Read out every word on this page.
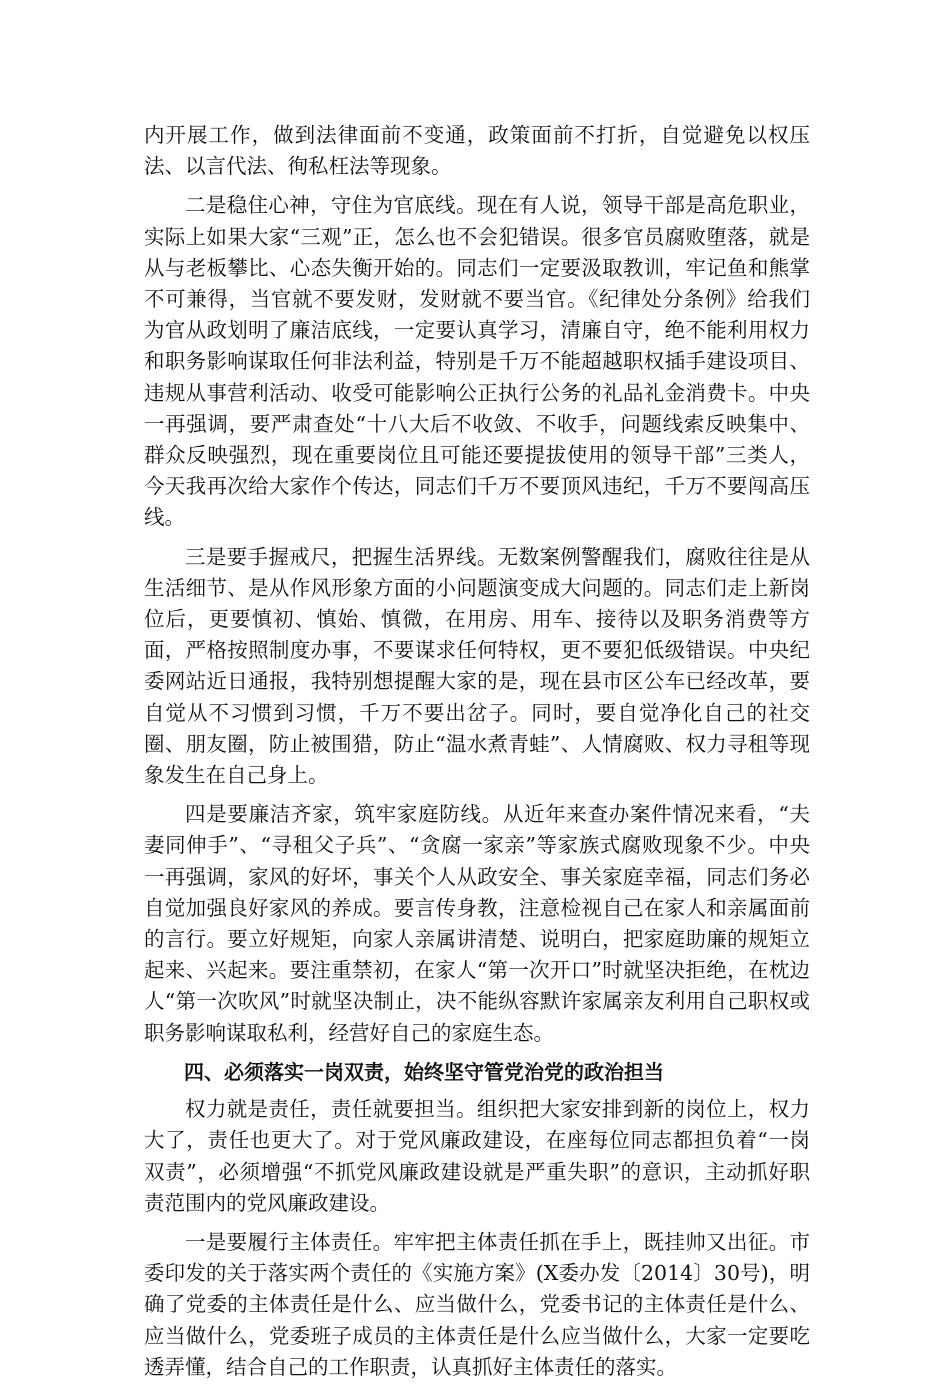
内开展工作，做到法律面前不变通，政策面前不打折，自觉避免以权压法、以言代法、徇私枉法等现象。

二是稳住心神，守住为官底线。现在有人说，领导干部是高危职业，实际上如果大家“三观”正，怎么也不会犯错误。很多官员腐败堕落，就是从与老板攀比、心态失衡开始的。同志们一定要汲取教训，牢记鱼和熊掌不可兼得，当官就不要发财，发财就不要当官。《纪律处分条例》给我们为官从政划明了廉洁底线，一定要认真学习，清廉自守，绝不能利用权力和职务影响谋取任何非法利益，特别是千万不能超越职权插手建设项目、违规从事营利活动、收受可能影响公正执行公务的礼品礼金消费卡。中央一再强调，要严肃查处“十八大后不收敛、不收手，问题线索反映集中、群众反映强烈，现在重要岗位且可能还要提拔使用的领导干部”三类人，今天我再次给大家作个传达，同志们千万不要顶风违纪，千万不要闯高压线。

三是要手握戒尺，把握生活界线。无数案例警醒我们，腐败往往是从生活细节、是从作风形象方面的小问题演变成大问题的。同志们走上新岗位后，更要慎初、慎始、慎微，在用房、用车、接待以及职务消费等方面，严格按照制度办事，不要谋求任何特权，更不要犯低级错误。中央纪委网站近日通报，我特别想提醒大家的是，现在县市区公车已经改革，要自觉从不习惯到习惯，千万不要出岔子。同时，要自觉净化自己的社交圈、朋友圈，防止被围猎，防止“温水煮青蛙”、人情腐败、权力寻租等现象发生在自己身上。

四是要廉洁齐家，筑牢家庭防线。从近年来查办案件情况来看，“夫妻同伸手”、“寻租父子兵”、“贪腐一家亲”等家族式腐败现象不少。中央一再强调，家风的好坏，事关个人从政安全、事关家庭幸福，同志们务必自觉加强良好家风的养成。要言传身教，注意检视自己在家人和亲属面前的言行。要立好规矩，向家人亲属讲清楚、说明白，把家庭助廉的规矩立起来、兴起来。要注重禁初，在家人“第一次开口”时就坚决拒绝，在枕边人“第一次吹风”时就坚决制止，决不能纵容默许家属亲友利用自己职权或职务影响谋取私利，经营好自己的家庭生态。

四、必须落实一岗双责，始终坚守管党治党的政治担当

权力就是责任，责任就要担当。组织把大家安排到新的岗位上，权力大了，责任也更大了。对于党风廉政建设，在座每位同志都担负着“一岗双责”，必须增强“不抓党风廉政建设就是严重失职”的意识，主动抓好职责范围内的党风廉政建设。

一是要履行主体责任。牢牢把主体责任抓在手上，既挂帅又出征。市委印发的关于落实两个责任的《实施方案》(X委办发〔2014〕30号)，明确了党委的主体责任是什么、应当做什么，党委书记的主体责任是什么、应当做什么，党委班子成员的主体责任是什么应当做什么，大家一定要吃透弄懂，结合自己的工作职责，认真抓好主体责任的落实。
